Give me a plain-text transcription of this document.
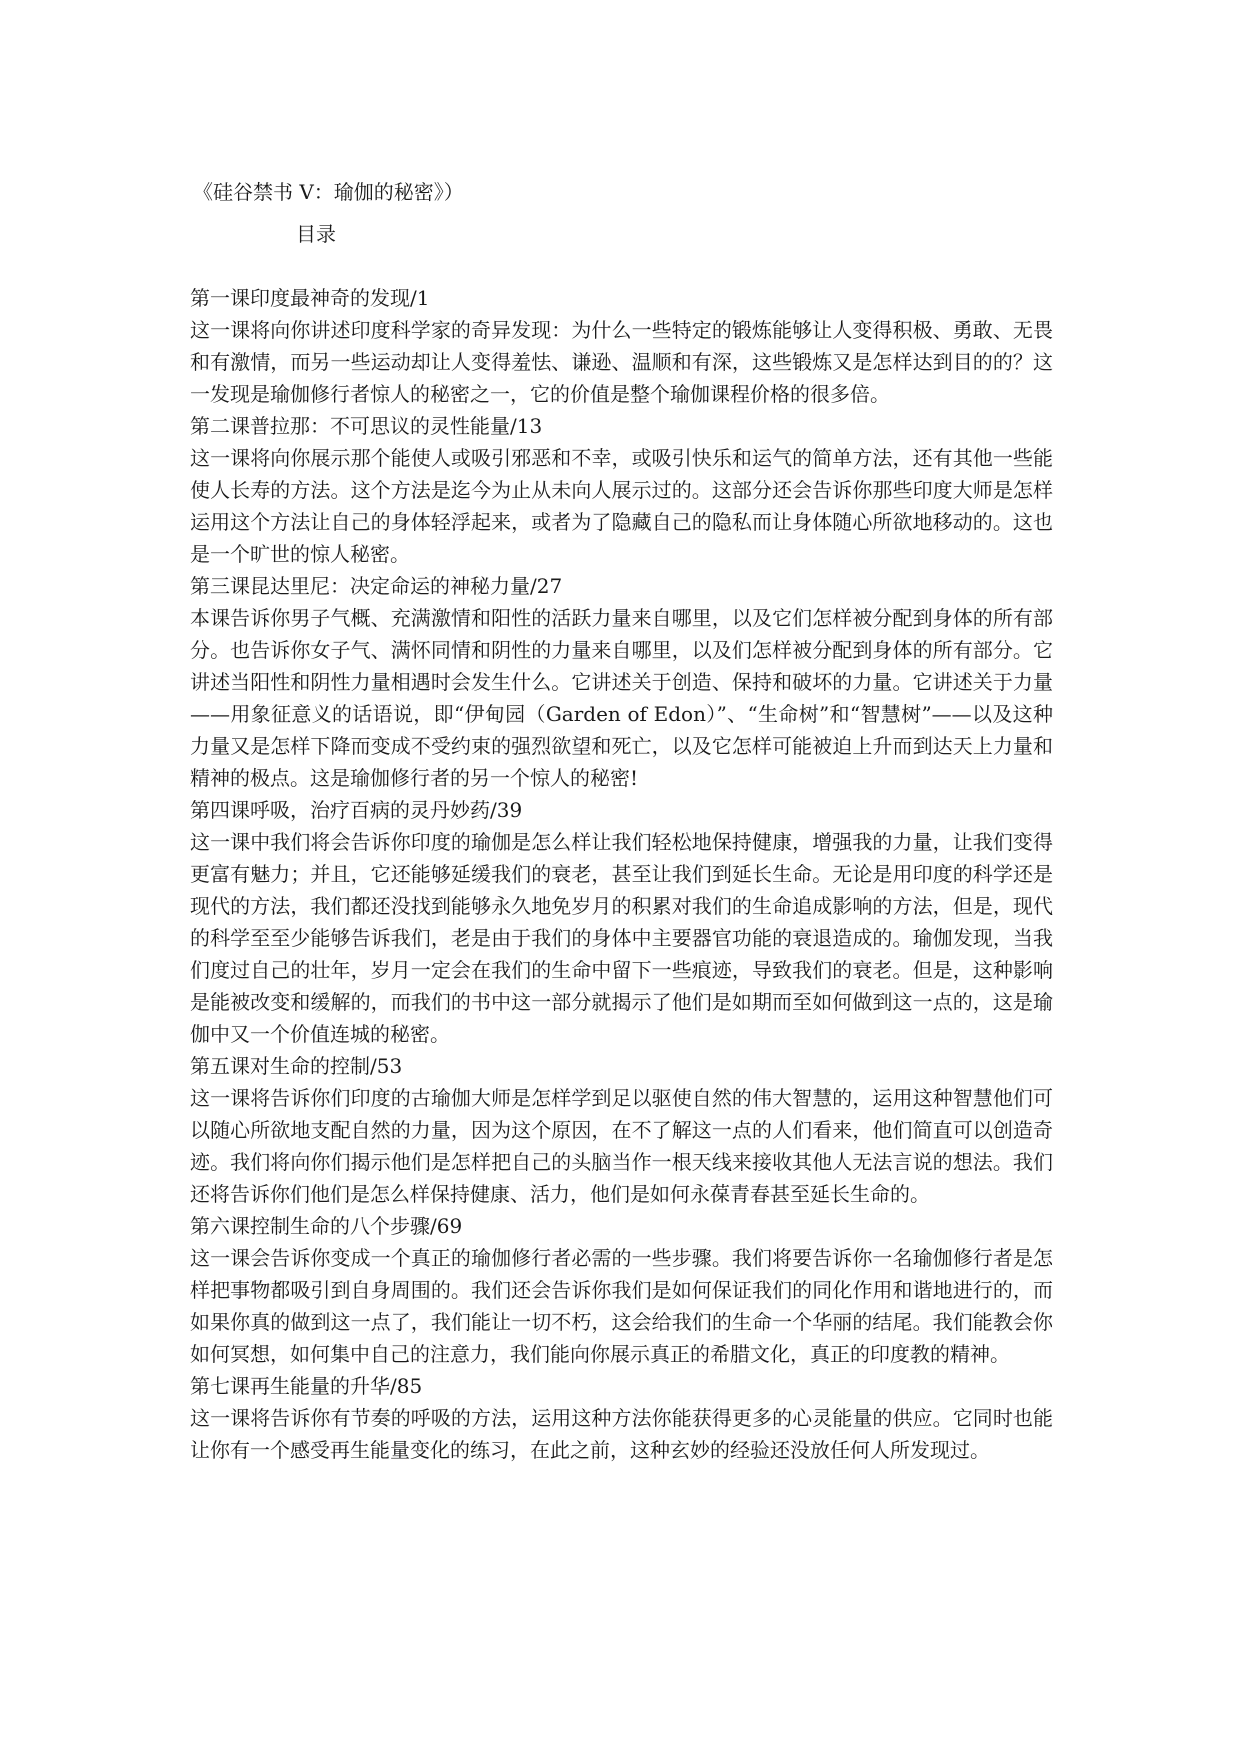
《硅谷禁书 V：瑜伽的秘密》）
目录

第一课印度最神奇的发现/1

这一课将向你讲述印度科学家的奇异发现：为什么一些特定的锻炼能够让人变得积极、勇敢、无畏和有激情，而另一些运动却让人变得羞怯、谦逊、温顺和有深，这些锻炼又是怎样达到目的的？这一发现是瑜伽修行者惊人的秘密之一，它的价值是整个瑜伽课程价格的很多倍。

第二课普拉那：不可思议的灵性能量/13

这一课将向你展示那个能使人或吸引邪恶和不幸，或吸引快乐和运气的简单方法，还有其他一些能使人长寿的方法。这个方法是迄今为止从未向人展示过的。这部分还会告诉你那些印度大师是怎样运用这个方法让自己的身体轻浮起来，或者为了隐藏自己的隐私而让身体随心所欲地移动的。这也是一个旷世的惊人秘密。

第三课昆达里尼：决定命运的神秘力量/27

本课告诉你男子气概、充满激情和阳性的活跃力量来自哪里，以及它们怎样被分配到身体的所有部分。也告诉你女子气、满怀同情和阴性的力量来自哪里，以及们怎样被分配到身体的所有部分。它讲述当阳性和阴性力量相遇时会发生什么。它讲述关于创造、保持和破坏的力量。它讲述关于力量——用象征意义的话语说，即“伊甸园（Garden of Edon）”、“生命树”和“智慧树”——以及这种力量又是怎样下降而变成不受约束的强烈欲望和死亡，以及它怎样可能被迫上升而到达天上力量和精神的极点。这是瑜伽修行者的另一个惊人的秘密!

第四课呼吸，治疗百病的灵丹妙药/39

这一课中我们将会告诉你印度的瑜伽是怎么样让我们轻松地保持健康，增强我的力量，让我们变得更富有魅力；并且，它还能够延缓我们的衰老，甚至让我们到延长生命。无论是用印度的科学还是现代的方法，我们都还没找到能够永久地免岁月的积累对我们的生命追成影响的方法，但是，现代的科学至至少能够告诉我们，老是由于我们的身体中主要器官功能的衰退造成的。瑜伽发现，当我们度过自己的壮年，岁月一定会在我们的生命中留下一些痕迹，导致我们的衰老。但是，这种影响是能被改变和缓解的，而我们的书中这一部分就揭示了他们是如期而至如何做到这一点的，这是瑜伽中又一个价值连城的秘密。

第五课对生命的控制/53

这一课将告诉你们印度的古瑜伽大师是怎样学到足以驱使自然的伟大智慧的，运用这种智慧他们可以随心所欲地支配自然的力量，因为这个原因，在不了解这一点的人们看来，他们简直可以创造奇迹。我们将向你们揭示他们是怎样把自己的头脑当作一根天线来接收其他人无法言说的想法。我们还将告诉你们他们是怎么样保持健康、活力，他们是如何永葆青春甚至延长生命的。

第六课控制生命的八个步骤/69

这一课会告诉你变成一个真正的瑜伽修行者必需的一些步骤。我们将要告诉你一名瑜伽修行者是怎样把事物都吸引到自身周围的。我们还会告诉你我们是如何保证我们的同化作用和谐地进行的，而如果你真的做到这一点了，我们能让一切不朽，这会给我们的生命一个华丽的结尾。我们能教会你如何冥想，如何集中自己的注意力，我们能向你展示真正的希腊文化，真正的印度教的精神。

第七课再生能量的升华/85

这一课将告诉你有节奏的呼吸的方法，运用这种方法你能获得更多的心灵能量的供应。它同时也能让你有一个感受再生能量变化的练习，在此之前，这种玄妙的经验还没放任何人所发现过。
